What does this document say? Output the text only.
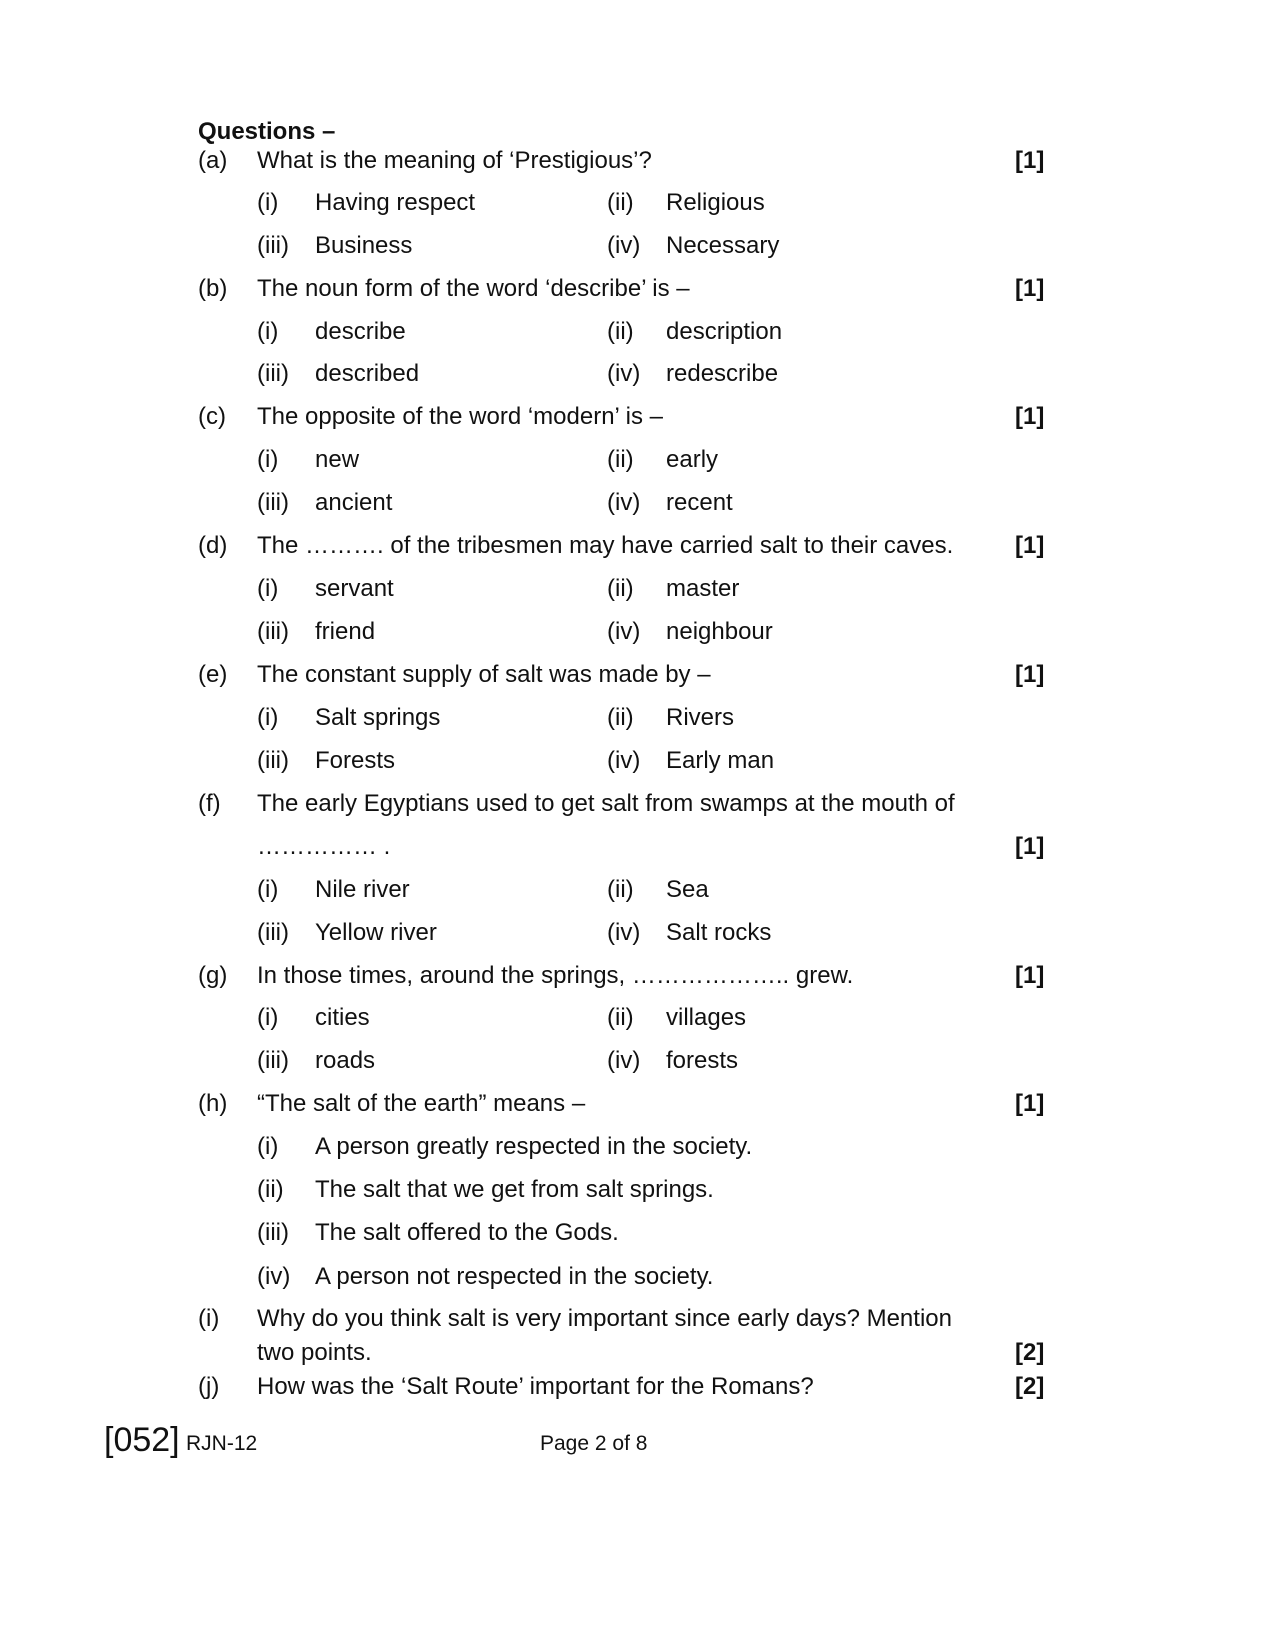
Questions –
(a) What is the meaning of ‘Prestigious’?	[1]
(i) Having respect	(ii) Religious
(iii) Business	(iv) Necessary
(b) The noun form of the word ‘describe’ is –	[1]
(i) describe	(ii) description
(iii) described	(iv) redescribe
(c) The opposite of the word ‘modern’ is –	[1]
(i) new	(ii) early
(iii) ancient	(iv) recent
(d) The ………. of the tribesmen may have carried salt to their caves.	[1]
(i) servant	(ii) master
(iii) friend	(iv) neighbour
(e) The constant supply of salt was made by –	[1]
(i) Salt springs	(ii) Rivers
(iii) Forests	(iv) Early man
(f) The early Egyptians used to get salt from swamps at the mouth of
…………… .	[1]
(i) Nile river	(ii) Sea
(iii) Yellow river	(iv) Salt rocks
(g) In those times, around the springs, ……………….. grew.	[1]
(i) cities	(ii) villages
(iii) roads	(iv) forests
(h) “The salt of the earth” means –	[1]
(i) A person greatly respected in the society.
(ii) The salt that we get from salt springs.
(iii) The salt offered to the Gods.
(iv) A person not respected in the society.
(i) Why do you think salt is very important since early days? Mention
two points.	[2]
(j) How was the ‘Salt Route’ important for the Romans?	[2]
[052] RJN-12	Page 2 of 8
